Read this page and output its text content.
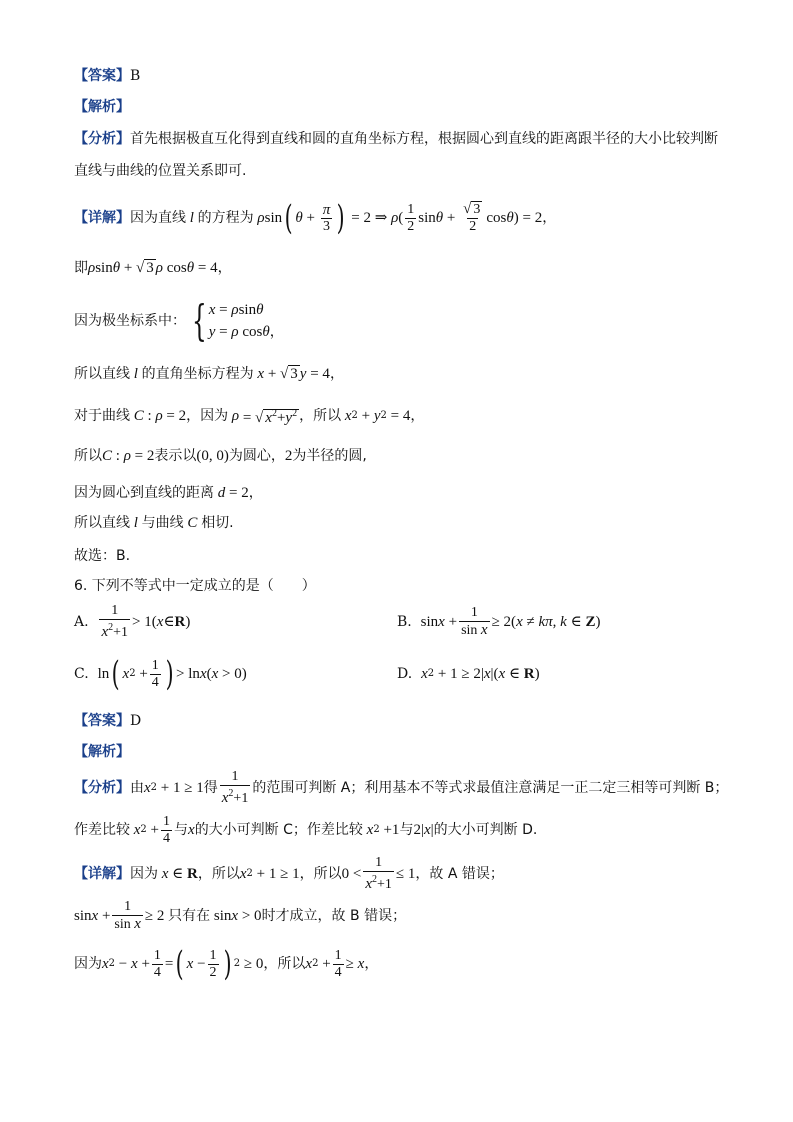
【答案】 B
【解析】
【分析】 首先根据极直互化得到直线和圆的直角坐标方程，根据圆心到直线的距离跟半径的大小比较判断
直线与曲线的位置关系即可.
【详解】 因为直线 l 的方程为 ρ sin ( $\theta + \frac{\pi}{3}$ ) = 2 ⇒ ρ ( $\frac{1}{2}$ $\sin \theta + \frac{√ 3}{2}$ cos θ ) = 2 ，
即 ρ sin θ + √ 3 ρ cos θ = 4 ，
因为极坐标系中： { x = ρsinθ
y = ρ cosθ，
所以直线 l 的直角坐标方程为 x + √ 3 y = 4 ，
对于曲线 C : ρ = 2 ，因为 ρ = √ $x^2+y^2$ ，所以 x 2 + y 2 = 4 ，
所以 C : ρ = 2 表示以 (0, 0) 为圆心， 2 为半径的圆,
因为圆心到直线的距离 d = 2 ，
所以直线 l 与曲线 C 相切.
故选：B.
6. 下列不等式中一定成立的是（　　）
A.
$\frac{1}{x^2+1} > 1$( x ∈ R )	B.
$\sin x + \frac{1}{\text{sin x}} \ge 2$( x ≠ kπ , k ∈ Z )
C.
ln ( x $2 + \frac{1}{4}$ ) > ln x ( x > 0)	D.
x 2 + 1 ≥ 2| x |( x ∈ R )
【答案】 D
【解析】
【分析】 由 x 2 + 1 ≥ 1 得 $\frac{1}{x^2+1}$ 的范围可判断 A；利用基本不等式求最值注意满足一正二定三相等可判断 B；
作差比较 x $2 + \frac{1}{4}$ 与 x 的大小可判断 C；作差比较 x 2 +1 与 2| x | 的大小可判断 D.
【详解】 因为 x ∈ R ，所以 x 2 + 1 ≥ 1 ，所以 $0 < \frac{1}{x^2+1} \le 1$ ，故 A 错误；
$\sin x + \frac{1}{\text{sin x}} \ge 2$ 只有在 sin x > 0 时才成立，故 B 错误；
因为 x $2 - x + \frac{1}{4}$ = ( $x - \frac{1}{2}$ ) 2 ≥ 0 ，所以 x $2 + \frac{1}{4} \ge x$ ，
